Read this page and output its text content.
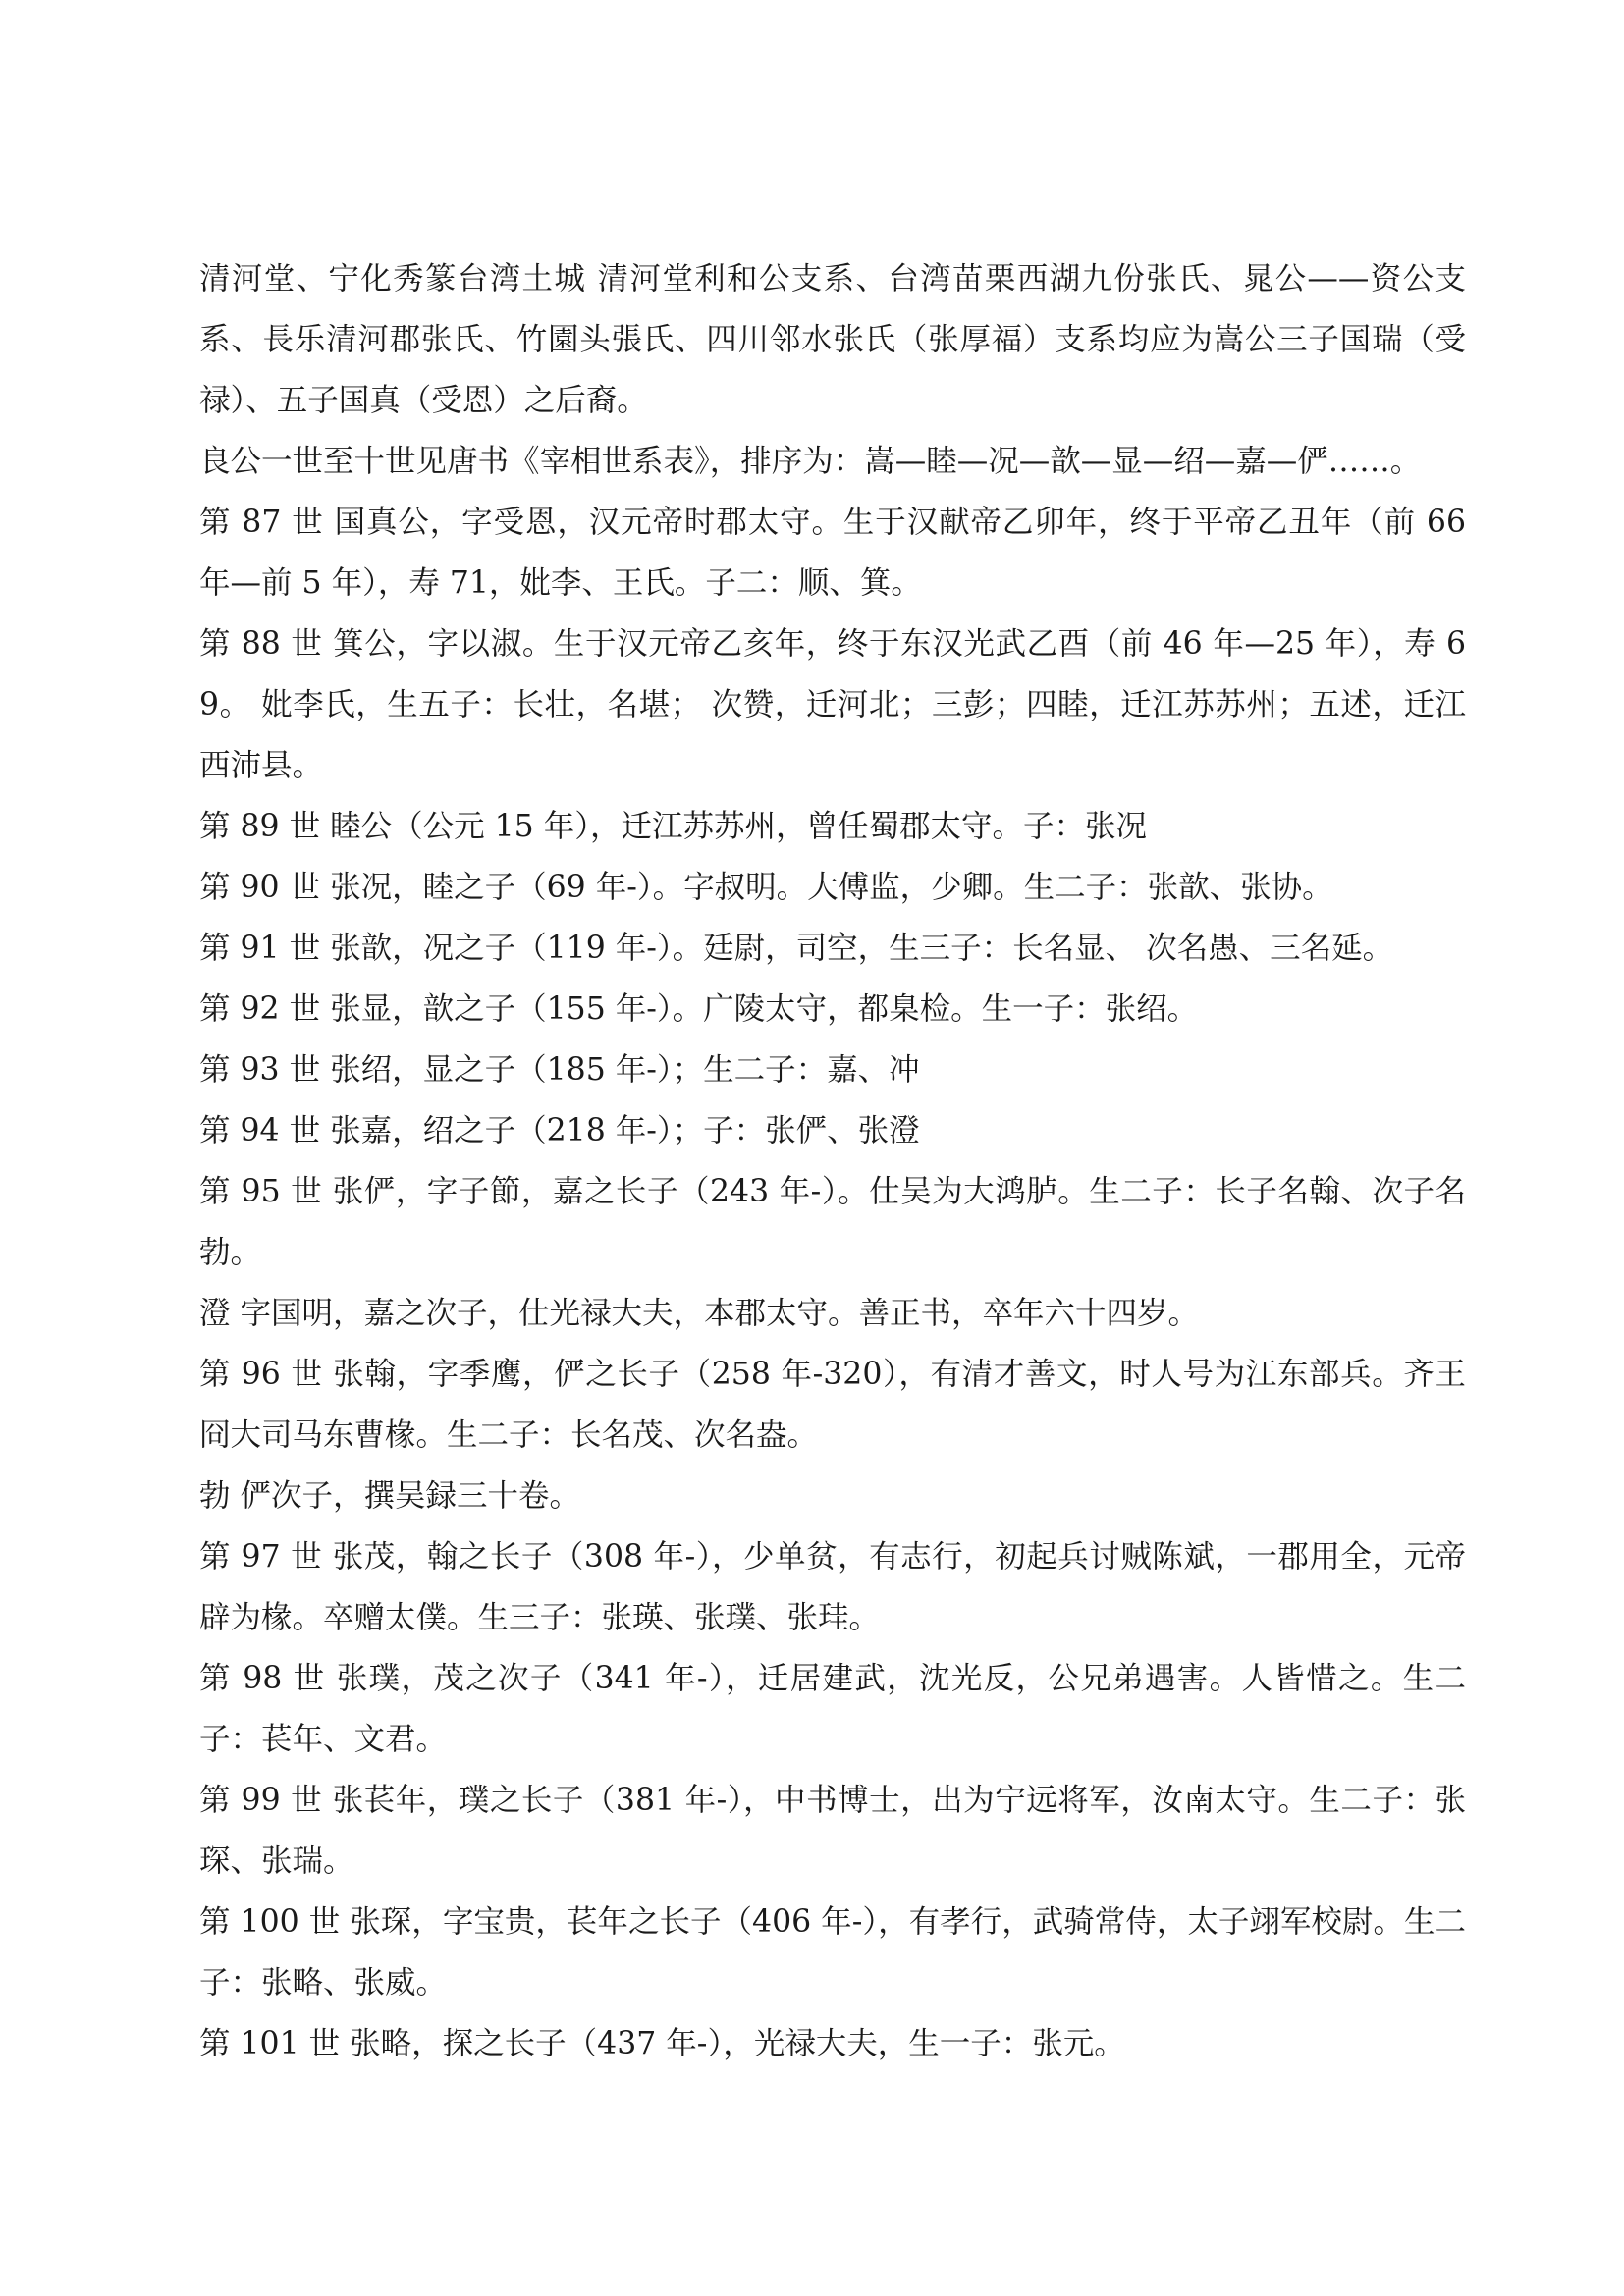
清河堂、宁化秀篆台湾土城 清河堂利和公支系、台湾苗栗西湖九份张氏、晁公——资公支系、長乐清河郡张氏、竹園头張氏、四川邻水张氏（张厚福）支系均应为嵩公三子国瑞（受禄）、五子国真（受恩）之后裔。

良公一世至十世见唐书《宰相世系表》，排序为：嵩—睦—况—歆—显—绍—嘉—俨……。

第 87 世 国真公，字受恩，汉元帝时郡太守。生于汉献帝乙卯年，终于平帝乙丑年（前 66 年—前 5 年），寿 71，妣李、王氏。子二：顺、箕。

第 88 世 箕公，字以淑。生于汉元帝乙亥年，终于东汉光武乙酉（前 46 年—25 年），寿 69。 妣李氏，生五子：长壮，名堪； 次赞，迁河北；三彭；四睦，迁江苏苏州；五述，迁江西沛县。

第 89 世 睦公（公元 15 年），迁江苏苏州，曾任蜀郡太守。子：张况

第 90 世 张况，睦之子（69 年-）。字叔明。大傅监，少卿。生二子：张歆、张协。

第 91 世 张歆，况之子（119 年-）。廷尉，司空，生三子：长名显、 次名愚、三名延。

第 92 世 张显，歆之子（155 年-）。广陵太守，都臬检。生一子：张绍。

第 93 世 张绍，显之子（185 年-）；生二子：嘉、冲

第 94 世 张嘉，绍之子（218 年-）；子：张俨、张澄

第 95 世 张俨，字子節，嘉之长子（243 年-）。仕吴为大鸿胪。生二子：长子名翰、次子名勃。

澄 字国明，嘉之次子，仕光禄大夫，本郡太守。善正书，卒年六十四岁。

第 96 世 张翰，字季鹰，俨之长子（258 年-320），有清才善文，时人号为江东部兵。齐王冏大司马东曹椽。生二子：长名茂、次名盎。

勃 俨次子，撰吴録三十卷。

第 97 世 张茂，翰之长子（308 年-），少单贫，有志行，初起兵讨贼陈斌，一郡用全，元帝辟为椽。卒赠太僕。生三子：张瑛、张璞、张珪。

第 98 世 张璞，茂之次子（341 年-），迁居建武，沈光反，公兄弟遇害。人皆惜之。生二子：苌年、文君。

第 99 世 张苌年，璞之长子（381 年-），中书博士，出为宁远将军，汝南太守。生二子：张琛、张瑞。

第 100 世 张琛，字宝贵，苌年之长子（406 年-），有孝行，武骑常侍，太子翊军校尉。生二子：张略、张威。

第 101 世 张略，探之长子（437 年-），光禄大夫，生一子：张元。
